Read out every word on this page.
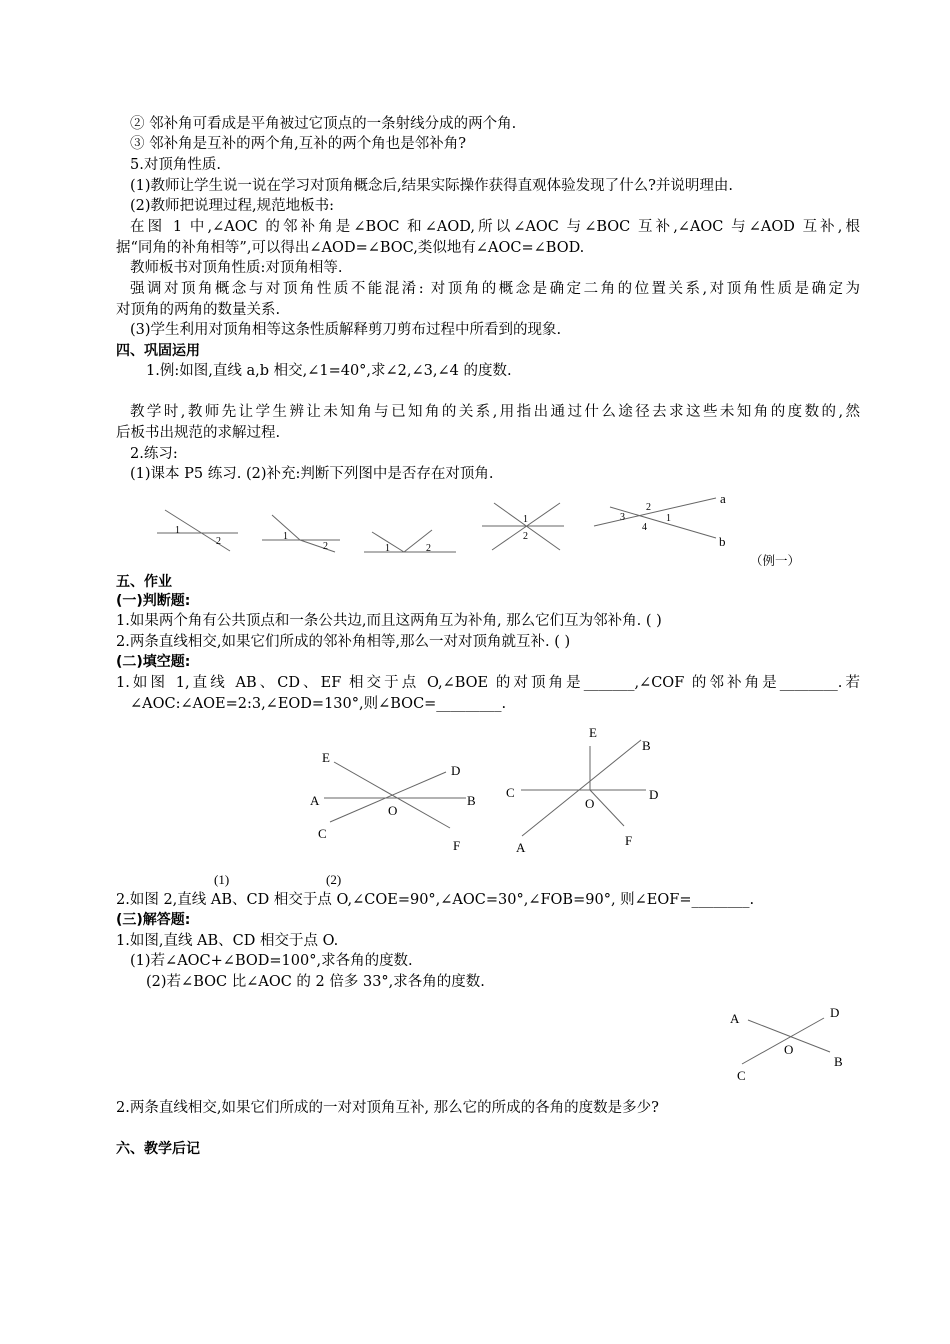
② 邻补角可看成是平角被过它顶点的一条射线分成的两个角.
③ 邻补角是互补的两个角,互补的两个角也是邻补角?
5.对顶角性质.
(1)教师让学生说一说在学习对顶角概念后,结果实际操作获得直观体验发现了什么?并说明理由.
(2)教师把说理过程,规范地板书:
在图 1 中,∠AOC 的邻补角是∠BOC 和∠AOD,所以∠AOC 与∠BOC 互补,∠AOC 与∠AOD 互补,根
据“同角的补角相等”,可以得出∠AOD=∠BOC,类似地有∠AOC=∠BOD.
教师板书对顶角性质:对顶角相等.
强调对顶角概念与对顶角性质不能混淆: 对顶角的概念是确定二角的位置关系,对顶角性质是确定为
对顶角的两角的数量关系.
(3)学生利用对顶角相等这条性质解释剪刀剪布过程中所看到的现象.
四、巩固运用
1.例:如图,直线 a,b 相交,∠1=40°,求∠2,∠3,∠4 的度数.
教学时,教师先让学生辨让未知角与已知角的关系,用指出通过什么途径去求这些未知角的度数的,然
后板书出规范的求解过程.
2.练习:
(1)课本 P5 练习. (2)补充:判断下列图中是否存在对顶角.
五、作业
(一)判断题:
1.如果两个角有公共顶点和一条公共边,而且这两角互为补角, 那么它们互为邻补角. ( )
2.两条直线相交,如果它们所成的邻补角相等,那么一对对顶角就互补. ( )
(二)填空题:
1.如图 1,直线 AB、CD、EF 相交于点 O,∠BOE 的对顶角是_______,∠COF 的邻补角是________.若
∠AOC:∠AOE=2:3,∠EOD=130°,则∠BOC=_________.
2.如图 2,直线 AB、CD 相交于点 O,∠COE=90°,∠AOC=30°,∠FOB=90°, 则∠EOF=________.
(三)解答题:
1.如图,直线 AB、CD 相交于点 O.
(1)若∠AOC+∠BOD=100°,求各角的度数.
(2)若∠BOC 比∠AOC 的 2 倍多 33°,求各角的度数.
2.两条直线相交,如果它们所成的一对对顶角互补, 那么它的所成的各角的度数是多少?
六、教学后记
1
2	1
2	1	2
1
2
2
3	1
4
a
b
（例一）
E
D
A	B
O
C
F
(1)	(2)
E
B
C	D
O
A	F
A	D
O
C
B
